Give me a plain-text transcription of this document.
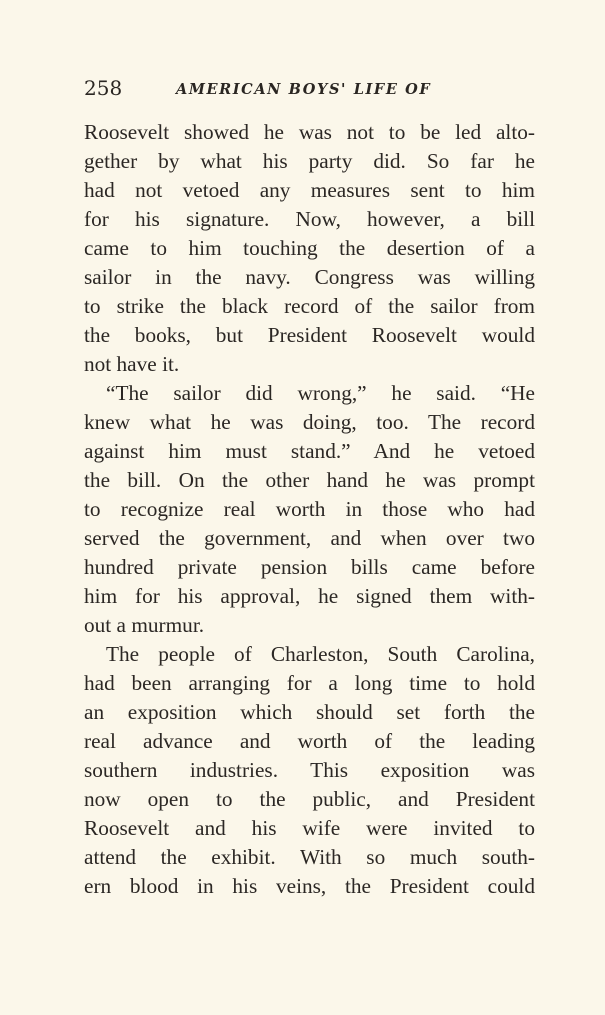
258	AMERICAN BOYS' LIFE OF
Roosevelt showed he was not to be led alto-
gether by what his party did. So far he
had not vetoed any measures sent to him
for his signature. Now, however, a bill
came to him touching the desertion of a
sailor in the navy. Congress was willing
to strike the black record of the sailor from
the books, but President Roosevelt would
not have it.
“The sailor did wrong,” he said. “He
knew what he was doing, too. The record
against him must stand.” And he vetoed
the bill. On the other hand he was prompt
to recognize real worth in those who had
served the government, and when over two
hundred private pension bills came before
him for his approval, he signed them with-
out a murmur.
The people of Charleston, South Carolina,
had been arranging for a long time to hold
an exposition which should set forth the
real advance and worth of the leading
southern industries. This exposition was
now open to the public, and President
Roosevelt and his wife were invited to
attend the exhibit. With so much south-
ern blood in his veins, the President could
